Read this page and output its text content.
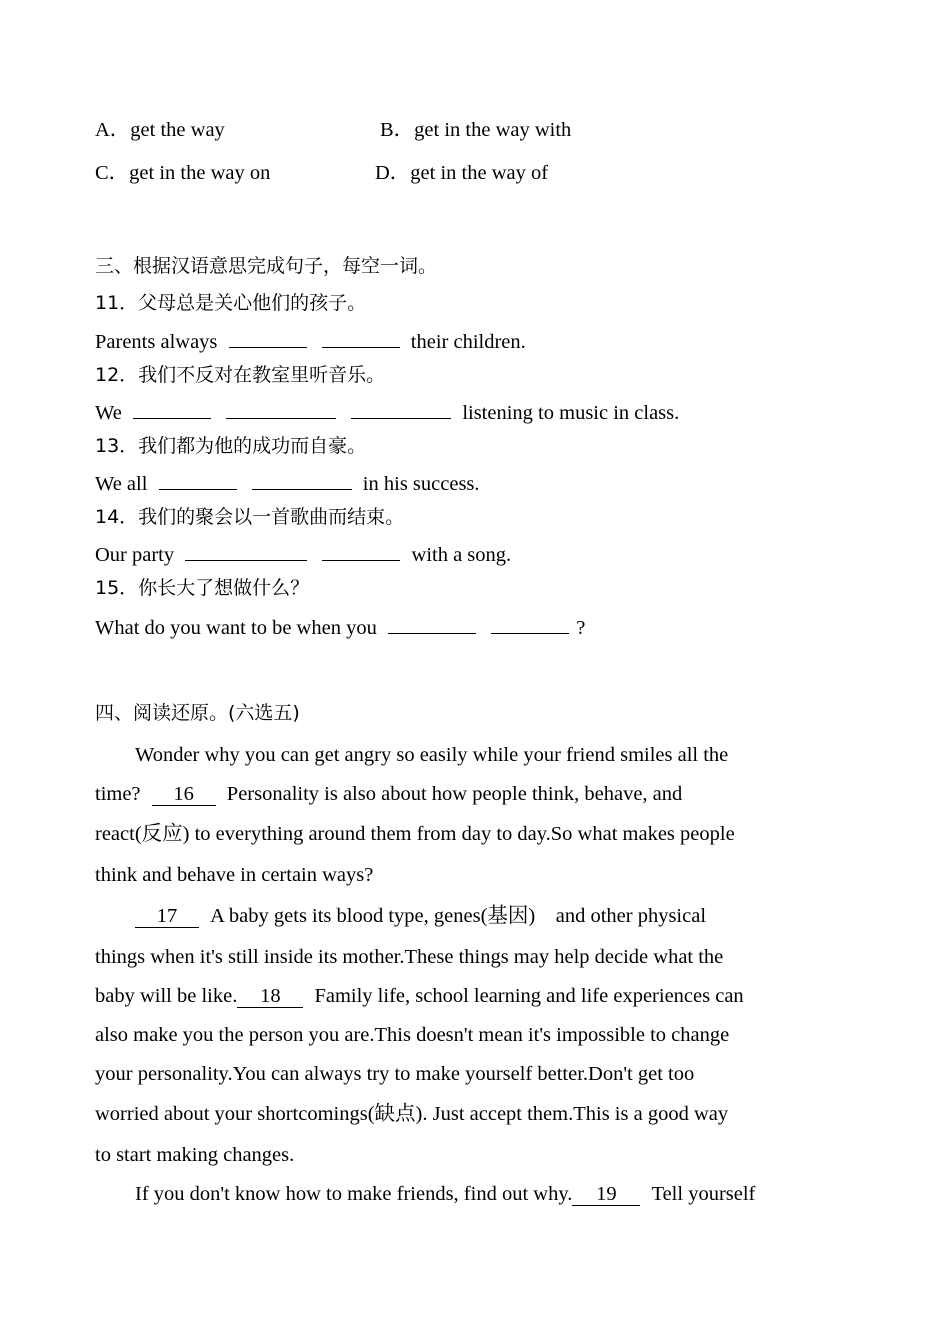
A．get the way	B．get in the way with
C．get in the way on	D．get in the way of
三、根据汉语意思完成句子，每空一词。
11．父母总是关心他们的孩子。
Parents always	their children.
12．我们不反对在教室里听音乐。
We	listening to music in class.
13．我们都为他的成功而自豪。
We all	in his success.
14．我们的聚会以一首歌曲而结束。
Our party	with a song.
15．你长大了想做什么？
What do you want to be when you	?
四、阅读还原。(六选五)
Wonder why you can get angry so easily while your friend smiles all the
time? 16 Personality is also about how people think, behave, and
react(反应) to everything around them from day to day.So what makes people
think and behave in certain ways?
17 A baby gets its blood type, genes(基因)　and other physical
things when it's still inside its mother.These things may help decide what the
baby will be like. 18 Family life, school learning and life experiences can
also make you the person you are.This doesn't mean it's impossible to change
your personality.You can always try to make yourself better.Don't get too
worried about your shortcomings(缺点). Just accept them.This is a good way
to start making changes.
If you don't know how to make friends, find out why. 19 Tell yourself
